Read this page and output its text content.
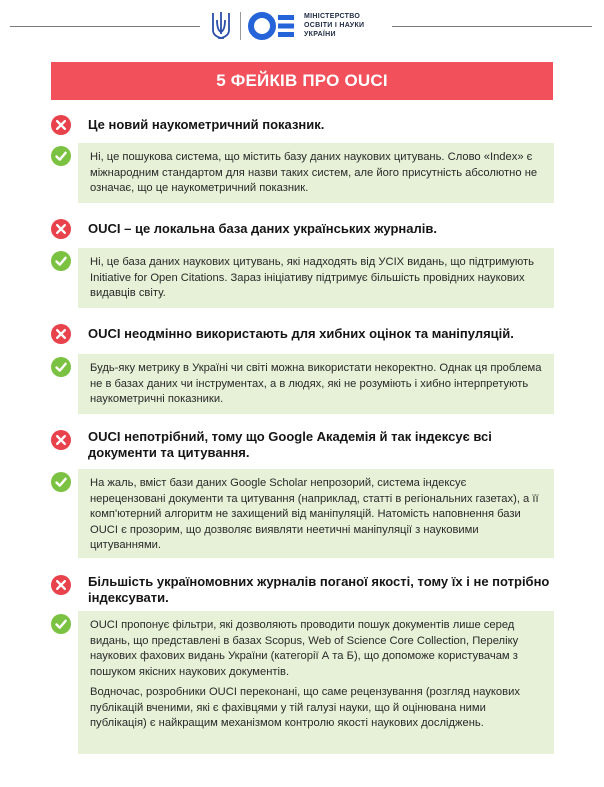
МІНІСТЕРСТВО
ОСВІТИ І НАУКИ
УКРАЇНИ
5 ФЕЙКІВ ПРО OUCI
Це новий наукометричний показник.

Ні, це пошукова система, що містить базу даних наукових цитувань. Слово «Index» є міжнародним стандартом для назви таких систем, але його присутність абсолютно не означає, що це наукометричний показник.

OUCI – це локальна база даних українських журналів.

Ні, це база даних наукових цитувань, які надходять від УСІХ видань, що підтримують Initiative for Open Citations. Зараз ініціативу підтримує більшість провідних наукових видавців світу.

OUCI неодмінно використають для хибних оцінок та маніпуляцій.

Будь-яку метрику в Україні чи світі можна використати некоректно. Однак ця проблема не в базах даних чи інструментах, а в людях, які не розуміють і хибно інтерпретують наукометричні показники.

OUCI непотрібний, тому що Google Академія й так індексує всі документи та цитування.

На жаль, вміст бази даних Google Scholar непрозорий, система індексує нерецензовані документи та цитування (наприклад, статті в регіональних газетах), а її комп'ютерний алгоритм не захищений від маніпуляцій. Натомість наповнення бази OUCI є прозорим, що дозволяє виявляти неетичні маніпуляції з науковими цитуваннями.

Більшість україномовних журналів поганої якості, тому їх і не потрібно індексувати.

OUCI пропонує фільтри, які дозволяють проводити пошук документів лише серед видань, що представлені в базах Scopus, Web of Science Core Collection, Переліку наукових фахових видань України (категорії А та Б), що допоможе користувачам з пошуком якісних наукових документів.

Водночас, розробники OUCI переконані, що саме рецензування (розгляд наукових публікацій вченими, які є фахівцями у тій галузі науки, що й оцінювана ними публікація) є найкращим механізмом контролю якості наукових досліджень.
